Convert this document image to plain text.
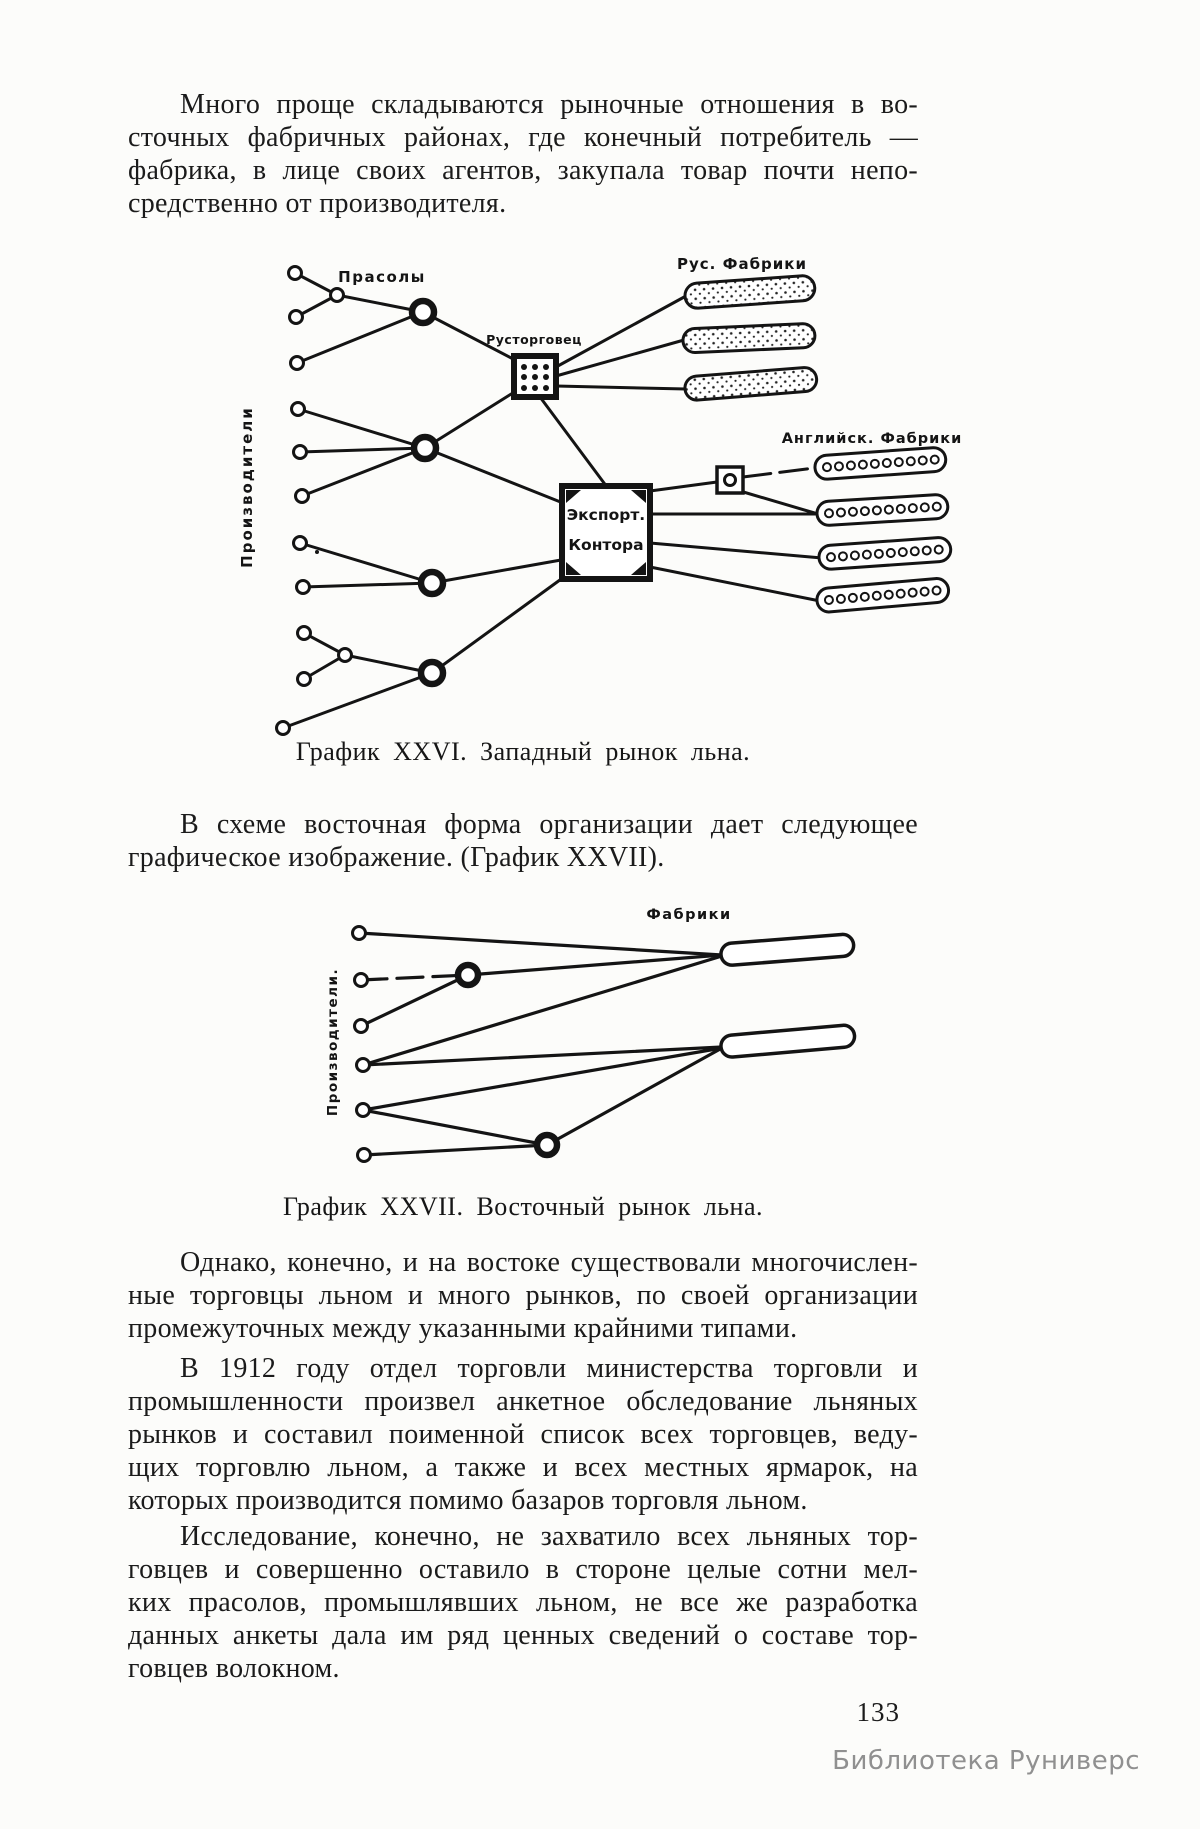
Много проще складываются рыночные отношения в во-
сточных фабричных районах, где конечный потребитель —
фабрика, в лице своих агентов, закупала товар почти непо-
средственно от производителя.
Экспорт.
Контора
Прасолы
Русторговец
Рус. Фабрики
Английск. Фабрики
Производители
График XXVI. Западный рынок льна.
В схеме восточная форма организации дает следующее
графическое изображение. (График XXVII).
Фабрики
Производители.
График XXVII. Восточный рынок льна.
Однако, конечно, и на востоке существовали многочислен-
ные торговцы льном и много рынков, по своей организации
промежуточных между указанными крайними типами.
В 1912 году отдел торговли министерства торговли и
промышленности произвел анкетное обследование льняных
рынков и составил поименной список всех торговцев, веду-
щих торговлю льном, а также и всех местных ярмарок, на
которых производится помимо базаров торговля льном.
Исследование, конечно, не захватило всех льняных тор-
говцев и совершенно оставило в стороне целые сотни мел-
ких прасолов, промышлявших льном, не все же разработка
данных анкеты дала им ряд ценных сведений о составе тор-
говцев волокном.
133
Библиотека Руниверс
